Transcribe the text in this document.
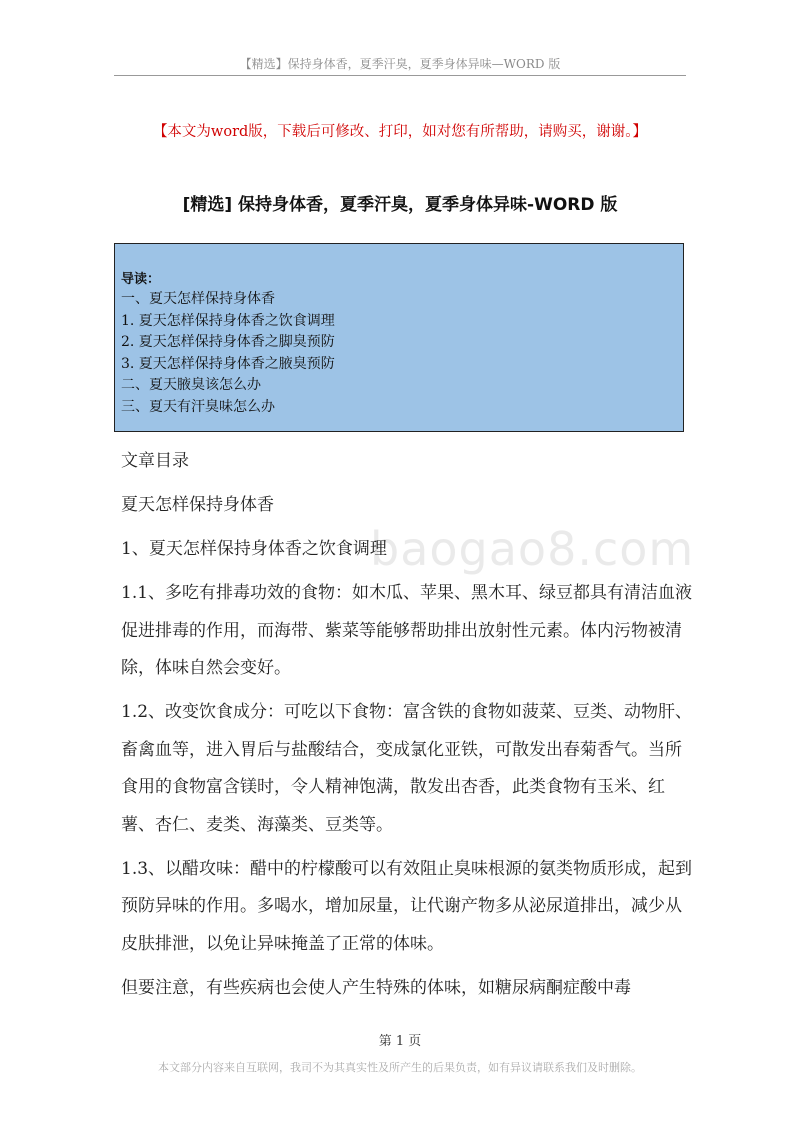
【精选】保持身体香，夏季汗臭，夏季身体异味—WORD 版
【本文为word版，下载后可修改、打印，如对您有所帮助，请购买，谢谢。】
[精选] 保持身体香，夏季汗臭，夏季身体异味-WORD 版
导读：
一、夏天怎样保持身体香
1. 夏天怎样保持身体香之饮食调理
2. 夏天怎样保持身体香之脚臭预防
3. 夏天怎样保持身体香之腋臭预防
二、夏天腋臭该怎么办
三、夏天有汗臭味怎么办
baogao8.com

文章目录

夏天怎样保持身体香

1、夏天怎样保持身体香之饮食调理

1.1、多吃有排毒功效的食物：如木瓜、苹果、黑木耳、绿豆都具有清洁血液促进排毒的作用，而海带、紫菜等能够帮助排出放射性元素。体内污物被清除，体味自然会变好。

1.2、改变饮食成分：可吃以下食物：富含铁的食物如菠菜、豆类、动物肝、畜禽血等，进入胃后与盐酸结合，变成氯化亚铁，可散发出春菊香气。当所食用的食物富含镁时，令人精神饱满，散发出杏香，此类食物有玉米、红薯、杏仁、麦类、海藻类、豆类等。

1.3、以醋攻味：醋中的柠檬酸可以有效阻止臭味根源的氨类物质形成，起到预防异味的作用。多喝水，增加尿量，让代谢产物多从泌尿道排出，减少从皮肤排泄，以免让异味掩盖了正常的体味。

但要注意，有些疾病也会使人产生特殊的体味，如糖尿病酮症酸中毒

第 1 页
本文部分内容来自互联网，我司不为其真实性及所产生的后果负责，如有异议请联系我们及时删除。
